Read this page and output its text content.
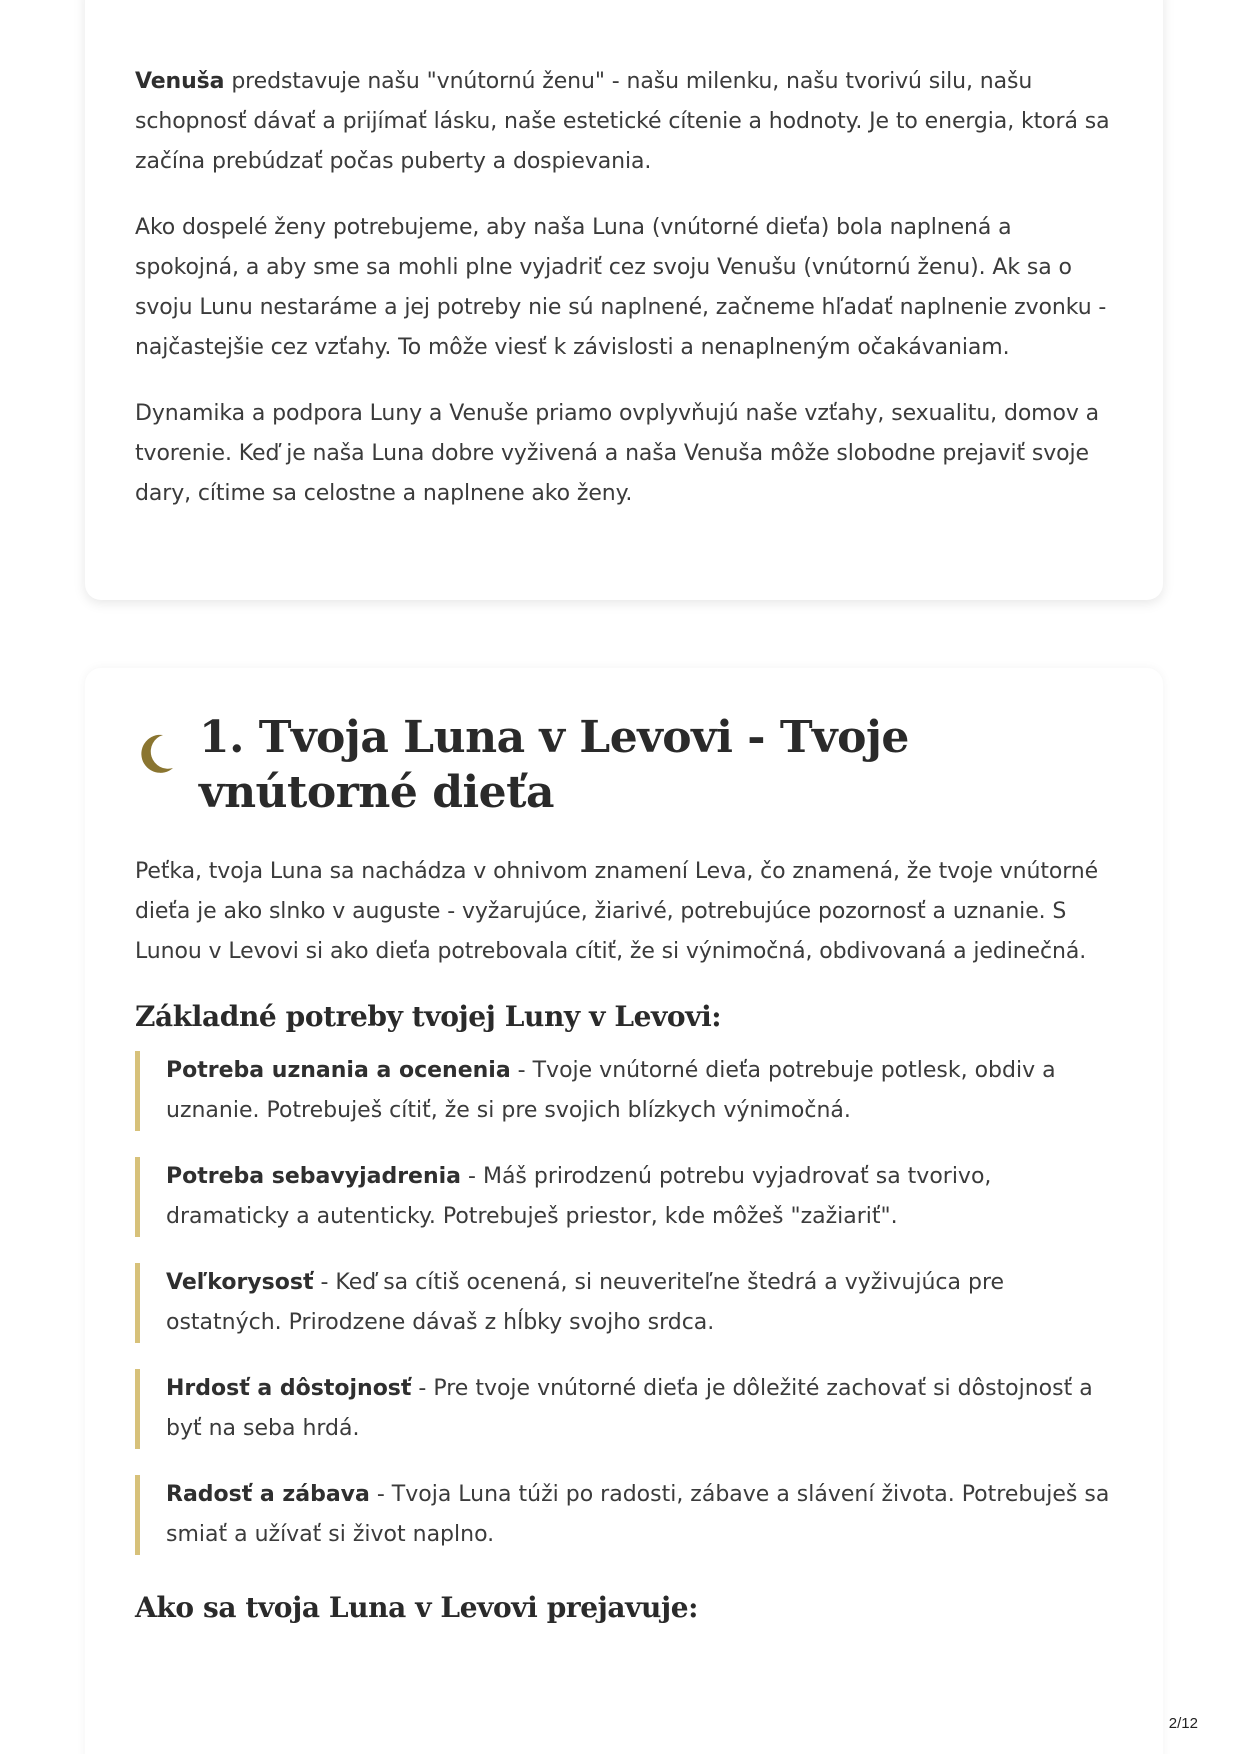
Venuša predstavuje našu "vnútornú ženu" - našu milenku, našu tvorivú silu, našu schopnosť dávať a prijímať lásku, naše estetické cítenie a hodnoty. Je to energia, ktorá sa začína prebúdzať počas puberty a dospievania.

Ako dospelé ženy potrebujeme, aby naša Luna (vnútorné dieťa) bola naplnená a spokojná, a aby sme sa mohli plne vyjadriť cez svoju Venušu (vnútornú ženu). Ak sa o svoju Lunu nestaráme a jej potreby nie sú naplnené, začneme hľadať naplnenie zvonku - najčastejšie cez vzťahy. To môže viesť k závislosti a nenaplneným očakávaniam.

Dynamika a podpora Luny a Venuše priamo ovplyvňujú naše vzťahy, sexualitu, domov a tvorenie. Keď je naša Luna dobre vyživená a naša Venuša môže slobodne prejaviť svoje dary, cítime sa celostne a naplnene ako ženy.

1. Tvoja Luna v Levovi - Tvoje vnútorné dieťa

Peťka, tvoja Luna sa nachádza v ohnivom znamení Leva, čo znamená, že tvoje vnútorné dieťa je ako slnko v auguste - vyžarujúce, žiarivé, potrebujúce pozornosť a uznanie. S Lunou v Levovi si ako dieťa potrebovala cítiť, že si výnimočná, obdivovaná a jedinečná.

Základné potreby tvojej Luny v Levovi:

Potreba uznania a ocenenia - Tvoje vnútorné dieťa potrebuje potlesk, obdiv a uznanie. Potrebuješ cítiť, že si pre svojich blízkych výnimočná.

Potreba sebavyjadrenia - Máš prirodzenú potrebu vyjadrovať sa tvorivo, dramaticky a autenticky. Potrebuješ priestor, kde môžeš "zažiariť".

Veľkorysosť - Keď sa cítiš ocenená, si neuveriteľne štedrá a vyživujúca pre ostatných. Prirodzene dávaš z hĺbky svojho srdca.

Hrdosť a dôstojnosť - Pre tvoje vnútorné dieťa je dôležité zachovať si dôstojnosť a byť na seba hrdá.

Radosť a zábava - Tvoja Luna túži po radosti, zábave a slávení života. Potrebuješ sa smiať a užívať si život naplno.

Ako sa tvoja Luna v Levovi prejavuje:
2/12
